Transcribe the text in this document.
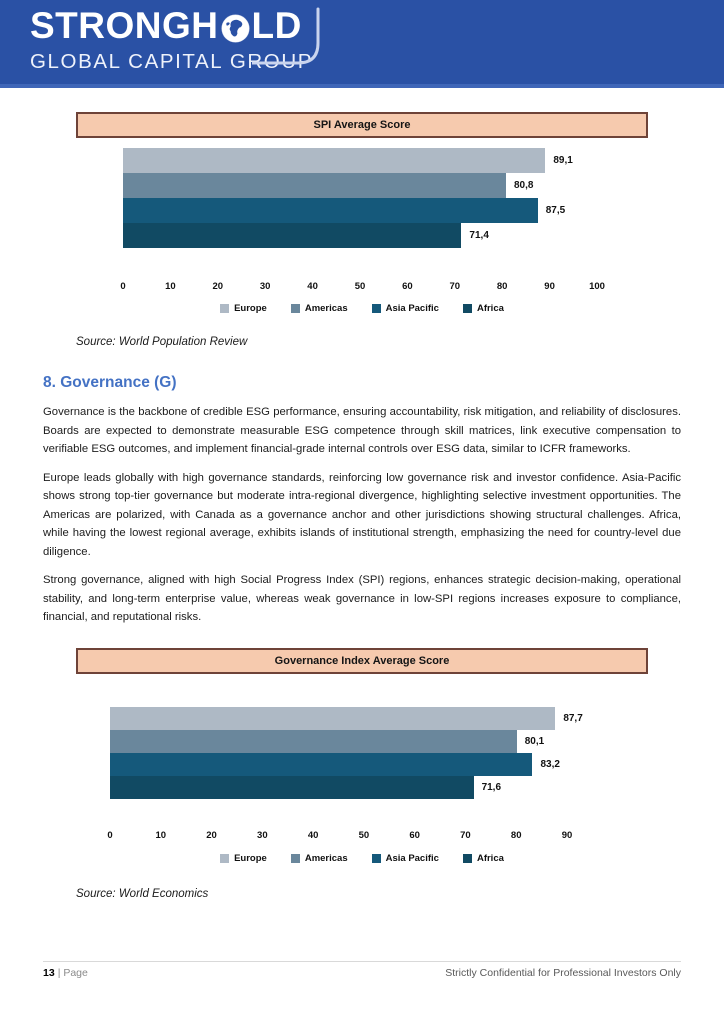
STRONGH LD
GLOBAL CAPITAL GROUP
SPI Average Score
89,1
80,8
87,5
71,4
0	10	20	30	40	50	60	70	80	90	100
Europe	Americas	Asia Pacific	Africa
Source: World Population Review
8. Governance (G)

Governance is the backbone of credible ESG performance, ensuring accountability, risk mitigation, and reliability of disclosures. Boards are expected to demonstrate measurable ESG competence through skill matrices, link executive compensation to verifiable ESG outcomes, and implement financial-grade internal controls over ESG data, similar to ICFR frameworks.

Europe leads globally with high governance standards, reinforcing low governance risk and investor confidence. Asia-Pacific shows strong top-tier governance but moderate intra-regional divergence, highlighting selective investment opportunities. The Americas are polarized, with Canada as a governance anchor and other jurisdictions showing structural challenges. Africa, while having the lowest regional average, exhibits islands of institutional strength, emphasizing the need for country-level due diligence.

Strong governance, aligned with high Social Progress Index (SPI) regions, enhances strategic decision-making, operational stability, and long-term enterprise value, whereas weak governance in low-SPI regions increases exposure to compliance, financial, and reputational risks.

Governance Index Average Score
87,7
80,1
83,2
71,6
0	10	20	30	40	50	60	70	80	90
Europe	Americas	Asia Pacific	Africa
Source: World Economics
13 | Page	Strictly Confidential for Professional Investors Only
